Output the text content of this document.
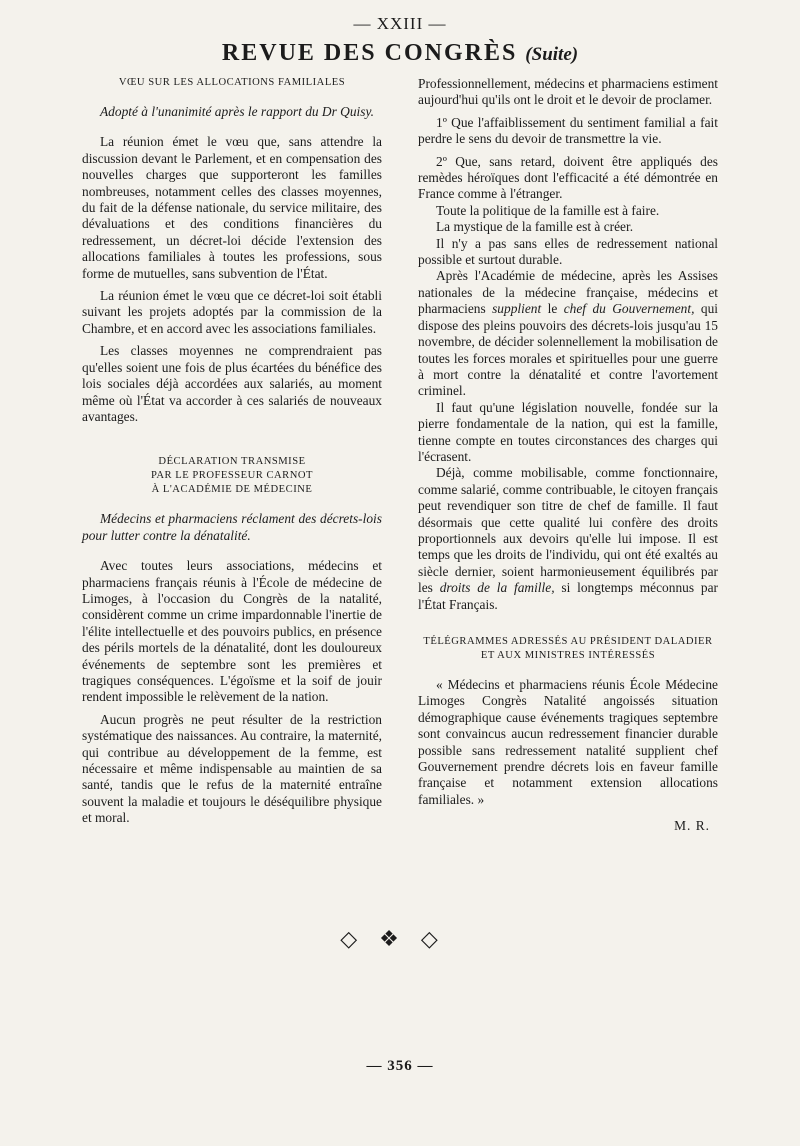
— XXIII —
REVUE DES CONGRÈS (Suite)
VŒU SUR LES ALLOCATIONS FAMILIALES

Adopté à l'unanimité après le rapport du Dr Quisy.

La réunion émet le vœu que, sans attendre la discussion devant le Parlement, et en compensation des nouvelles charges que supporteront les familles nombreuses, notamment celles des classes moyennes, du fait de la défense nationale, du service militaire, des dévaluations et des conditions financières du redressement, un décret-loi décide l'extension des allocations familiales à toutes les professions, sous forme de mutuelles, sans subvention de l'État.

La réunion émet le vœu que ce décret-loi soit établi suivant les projets adoptés par la commission de la Chambre, et en accord avec les associations familiales.

Les classes moyennes ne comprendraient pas qu'elles soient une fois de plus écartées du bénéfice des lois sociales déjà accordées aux salariés, au moment même où l'État va accorder à ces salariés de nouveaux avantages.

DÉCLARATION TRANSMISE
PAR LE PROFESSEUR CARNOT
À L'ACADÉMIE DE MÉDECINE

Médecins et pharmaciens réclament des décrets-lois pour lutter contre la dénatalité.

Avec toutes leurs associations, médecins et pharmaciens français réunis à l'École de médecine de Limoges, à l'occasion du Congrès de la natalité, considèrent comme un crime impardonnable l'inertie de l'élite intellectuelle et des pouvoirs publics, en présence des périls mortels de la dénatalité, dont les douloureux événements de septembre sont les premières et tragiques conséquences. L'égoïsme et la soif de jouir rendent impossible le relèvement de la nation.

Aucun progrès ne peut résulter de la restriction systématique des naissances. Au contraire, la maternité, qui contribue au développement de la femme, est nécessaire et même indispensable au maintien de sa santé, tandis que le refus de la maternité entraîne souvent la maladie et toujours le déséquilibre physique et moral.

Professionnellement, médecins et pharmaciens estiment aujourd'hui qu'ils ont le droit et le devoir de proclamer.

1º Que l'affaiblissement du sentiment familial a fait perdre le sens du devoir de transmettre la vie.

2º Que, sans retard, doivent être appliqués des remèdes héroïques dont l'efficacité a été démontrée en France comme à l'étranger.

Toute la politique de la famille est à faire.

La mystique de la famille est à créer.

Il n'y a pas sans elles de redressement national possible et surtout durable.

Après l'Académie de médecine, après les Assises nationales de la médecine française, médecins et pharmaciens supplient le chef du Gouvernement, qui dispose des pleins pouvoirs des décrets-lois jusqu'au 15 novembre, de décider solennellement la mobilisation de toutes les forces morales et spirituelles pour une guerre à mort contre la dénatalité et contre l'avortement criminel.

Il faut qu'une législation nouvelle, fondée sur la pierre fondamentale de la nation, qui est la famille, tienne compte en toutes circonstances des charges qui l'écrasent.

Déjà, comme mobilisable, comme fonctionnaire, comme salarié, comme contribuable, le citoyen français peut revendiquer son titre de chef de famille. Il faut désormais que cette qualité lui confère des droits proportionnels aux devoirs qu'elle lui impose. Il est temps que les droits de l'individu, qui ont été exaltés au siècle dernier, soient harmonieusement équilibrés par les droits de la famille, si longtemps méconnus par l'État Français.

TÉLÉGRAMMES ADRESSÉS AU PRÉSIDENT DALADIER
ET AUX MINISTRES INTÉRESSÉS

« Médecins et pharmaciens réunis École Médecine Limoges Congrès Natalité angoissés situation démographique cause événements tragiques septembre sont convaincus aucun redressement financier durable possible sans redressement natalité supplient chef Gouvernement prendre décrets lois en faveur famille française et notamment extension allocations familiales. »

M. R.

◇❖◇
— 356 —
